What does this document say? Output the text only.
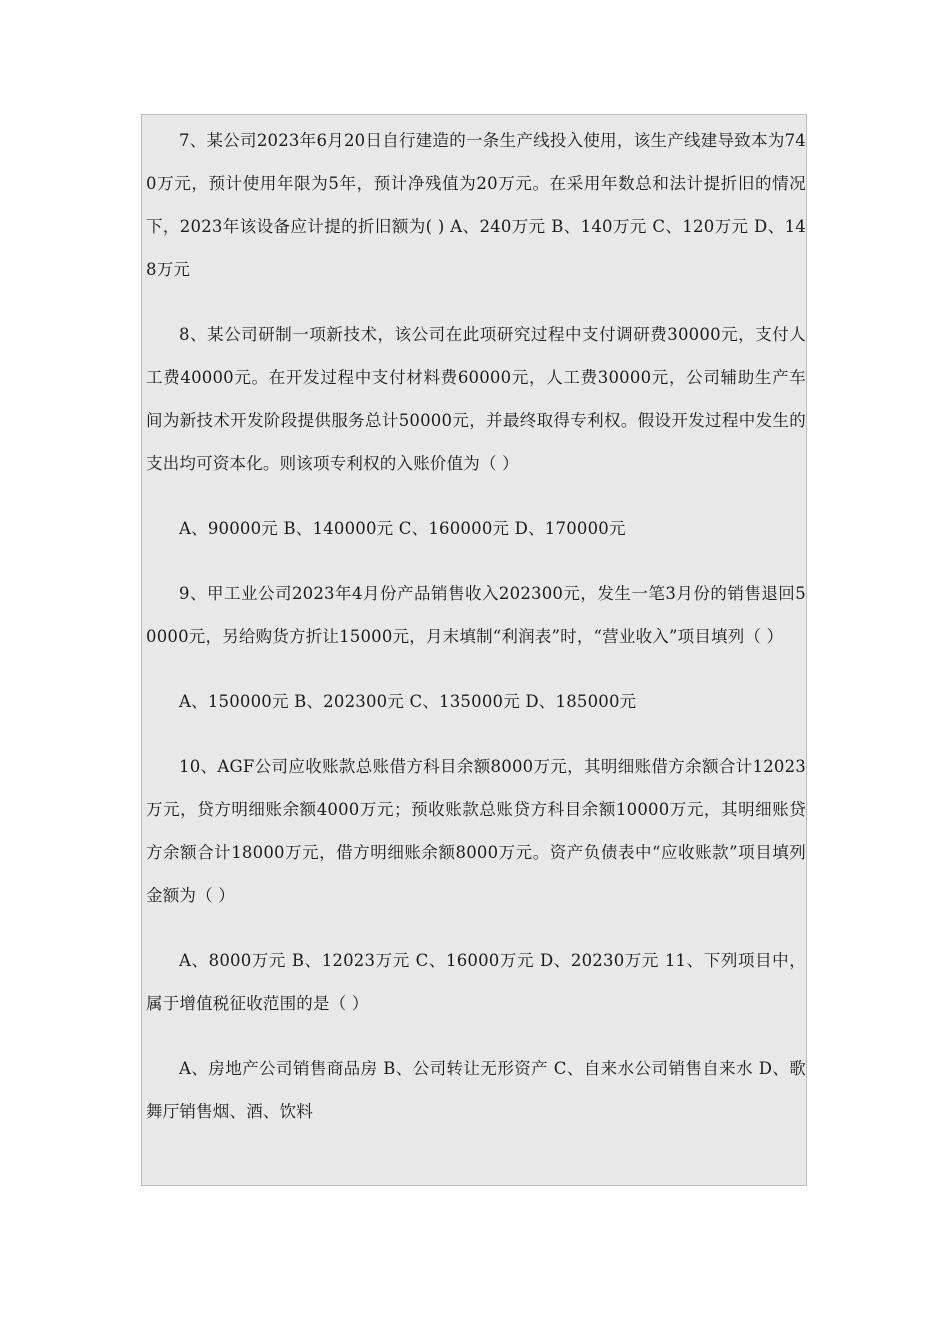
7、某公司2023年6月20日自行建造的一条生产线投入使用，该生产线建导致本为740万元，预计使用年限为5年，预计净残值为20万元。在采用年数总和法计提折旧的情况下，2023年该设备应计提的折旧额为( ) A、240万元 B、140万元 C、120万元 D、148万元

8、某公司研制一项新技术，该公司在此项研究过程中支付调研费30000元，支付人工费40000元。在开发过程中支付材料费60000元，人工费30000元，公司辅助生产车间为新技术开发阶段提供服务总计50000元，并最终取得专利权。假设开发过程中发生的支出均可资本化。则该项专利权的入账价值为（ ）

A、90000元 B、140000元 C、160000元 D、170000元

9、甲工业公司2023年4月份产品销售收入202300元，发生一笔3月份的销售退回50000元，另给购货方折让15000元，月末填制“利润表”时，“营业收入”项目填列（ ）

A、150000元 B、202300元 C、135000元 D、185000元

10、AGF公司应收账款总账借方科目余额8000万元，其明细账借方余额合计12023万元，贷方明细账余额4000万元；预收账款总账贷方科目余额10000万元，其明细账贷方余额合计18000万元，借方明细账余额8000万元。资产负债表中“应收账款”项目填列金额为（ ）

A、8000万元 B、12023万元 C、16000万元 D、20230万元 11、下列项目中，属于增值税征收范围的是（ ）

A、房地产公司销售商品房 B、公司转让无形资产 C、自来水公司销售自来水 D、歌舞厅销售烟、酒、饮料
